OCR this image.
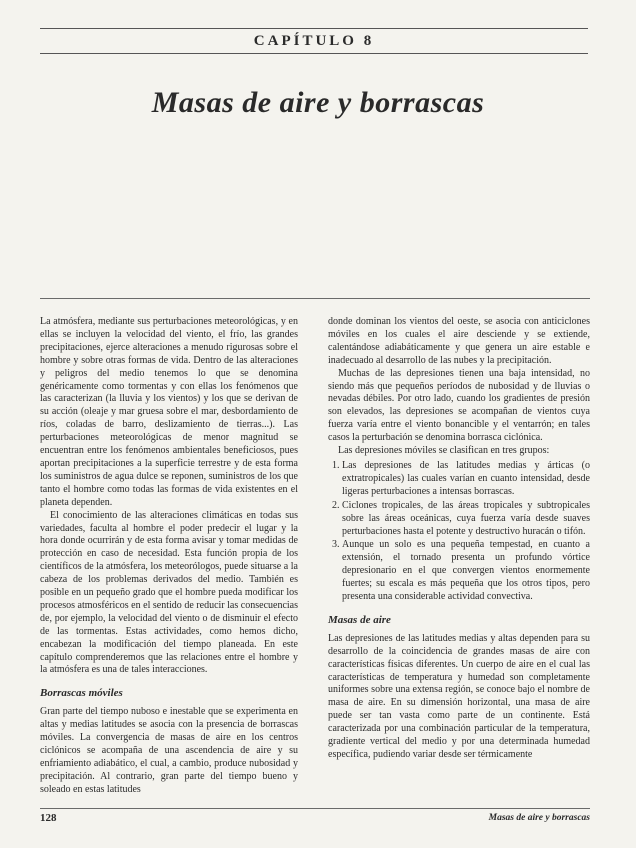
CAPÍTULO 8
Masas de aire y borrascas

La atmósfera, mediante sus perturbaciones meteorológicas, y en ellas se incluyen la velocidad del viento, el frío, las grandes precipitaciones, ejerce alteraciones a menudo rigurosas sobre el hombre y sobre otras formas de vida. Dentro de las alteraciones y peligros del medio tenemos lo que se denomina genéricamente como tormentas y con ellas los fenómenos que las caracterizan (la lluvia y los vientos) y los que se derivan de su acción (oleaje y mar gruesa sobre el mar, desbordamiento de ríos, coladas de barro, deslizamiento de tierras...). Las perturbaciones meteorológicas de menor magnitud se encuentran entre los fenómenos ambientales beneficiosos, pues aportan precipitaciones a la superficie terrestre y de esta forma los suministros de agua dulce se reponen, suministros de los que tanto el hombre como todas las formas de vida existentes en el planeta dependen.

El conocimiento de las alteraciones climáticas en todas sus variedades, faculta al hombre el poder predecir el lugar y la hora donde ocurrirán y de esta forma avisar y tomar medidas de protección en caso de necesidad. Esta función propia de los científicos de la atmósfera, los meteorólogos, puede situarse a la cabeza de los problemas derivados del medio. También es posible en un pequeño grado que el hombre pueda modificar los procesos atmosféricos en el sentido de reducir las consecuencias de, por ejemplo, la velocidad del viento o de disminuir el efecto de las tormentas. Estas actividades, como hemos dicho, encabezan la modificación del tiempo planeada. En este capítulo comprenderemos que las relaciones entre el hombre y la atmósfera es una de tales interacciones.

Borrascas móviles

Gran parte del tiempo nuboso e inestable que se experimenta en altas y medias latitudes se asocia con la presencia de borrascas móviles. La convergencia de masas de aire en los centros ciclónicos se acompaña de una ascendencia de aire y su enfriamiento adiabático, el cual, a cambio, produce nubosidad y precipitación. Al contrario, gran parte del tiempo bueno y soleado en estas latitudes

donde dominan los vientos del oeste, se asocia con anticiclones móviles en los cuales el aire desciende y se extiende, calentándose adiabáticamente y que genera un aire estable e inadecuado al desarrollo de las nubes y la precipitación.

Muchas de las depresiones tienen una baja intensidad, no siendo más que pequeños períodos de nubosidad y de lluvias o nevadas débiles. Por otro lado, cuando los gradientes de presión son elevados, las depresiones se acompañan de vientos cuya fuerza varía entre el viento bonancible y el ventarrón; en tales casos la perturbación se denomina borrasca ciclónica.

Las depresiones móviles se clasifican en tres grupos:

1. Las depresiones de las latitudes medias y árticas (o extratropicales) las cuales varían en cuanto intensidad, desde ligeras perturbaciones a intensas borrascas.
2. Ciclones tropicales, de las áreas tropicales y subtropicales sobre las áreas oceánicas, cuya fuerza varía desde suaves perturbaciones hasta el potente y destructivo huracán o tifón.
3. Aunque un solo es una pequeña tempestad, en cuanto a extensión, el tornado presenta un profundo vórtice depresionario en el que convergen vientos enormemente fuertes; su escala es más pequeña que los otros tipos, pero presenta una considerable actividad convectiva.
Masas de aire

Las depresiones de las latitudes medias y altas dependen para su desarrollo de la coincidencia de grandes masas de aire con características físicas diferentes. Un cuerpo de aire en el cual las características de temperatura y humedad son completamente uniformes sobre una extensa región, se conoce bajo el nombre de masa de aire. En su dimensión horizontal, una masa de aire puede ser tan vasta como parte de un continente. Está caracterizada por una combinación particular de la temperatura, gradiente vertical del medio y por una determinada humedad específica, pudiendo variar desde ser térmicamente

128	Masas de aire y borrascas
